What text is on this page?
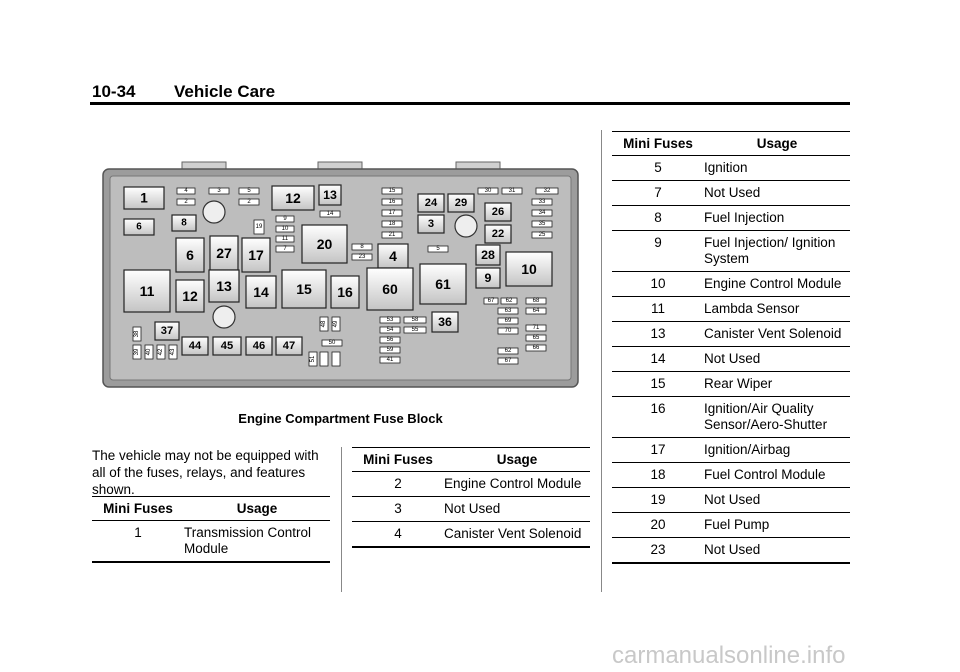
10-34 Vehicle Care
1	4
2
3	5
2 12 13
14
15
16
17
18
21
24 29
30	31	32
33
34
35
25
26
22
3
6	8	9
10
11
7
19
20	8
23 4	5
6 27 17	28
9
10
11 12
13 14 15 16 60	61
67 62	68
63	64
69
70	71
65
66
62
67
53	58
54	55
56
59
41
36
37
38
39 40 42 43 44 45 46 47
48 49
50
51
Engine Compartment Fuse Block
The vehicle may not be equipped with all of the fuses, relays, and features shown.
Mini Fuses	Usage
1	Transmission Control Module
Mini Fuses	Usage
2	Engine Control Module
3	Not Used
4	Canister Vent Solenoid
Mini Fuses	Usage
5	Ignition
7	Not Used
8	Fuel Injection
9	Fuel Injection/ Ignition System
10	Engine Control Module
11	Lambda Sensor
13	Canister Vent Solenoid
14	Not Used
15	Rear Wiper
16	Ignition/Air Quality Sensor/Aero-Shutter
17	Ignition/Airbag
18	Fuel Control Module
19	Not Used
20	Fuel Pump
23	Not Used
carmanualsonline.info
